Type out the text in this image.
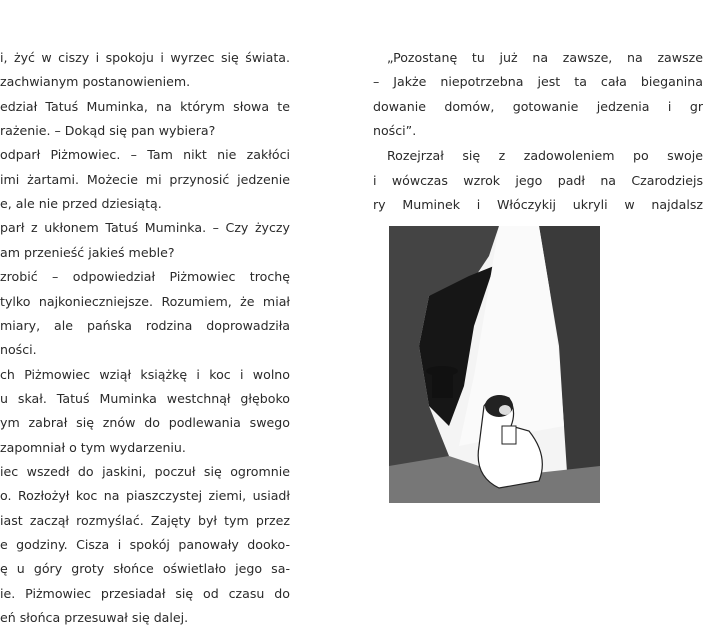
i, żyć w ciszy i spokoju i wyrzec się świata.
zachwianym postanowieniem.
edział Tatuś Muminka, na którym słowa te
rażenie. – Dokąd się pan wybiera?
odparł Piżmowiec. – Tam nikt nie zakłóci
imi żartami. Możecie mi przynosić jedzenie
e, ale nie przed dziesiątą.
parł z ukłonem Tatuś Muminka. – Czy życzy
am przenieść jakieś meble?
zrobić – odpowiedział Piżmowiec trochę
tylko najkonieczniejsze. Rozumiem, że miał
miary, ale pańska rodzina doprowadziła
ności.
ch Piżmowiec wziął książkę i koc i wolno
u skał. Tatuś Muminka westchnął głęboko
ym zabrał się znów do podlewania swego
zapomniał o tym wydarzeniu.
iec wszedł do jaskini, poczuł się ogromnie
o. Rozłożył koc na piaszczystej ziemi, usiadł
iast zaczął rozmyślać. Zajęty był tym przez
e godziny. Cisza i spokój panowały dooko-
ę u góry groty słońce oświetlało jego sa-
ie. Piżmowiec przesiadał się od czasu do
eń słońca przesuwał się dalej.
„Pozostanę tu już na zawsze, na zawsze
– Jakże niepotrzebna jest ta cała bieganina
dowanie domów, gotowanie jedzenia i gr
ności”.
Rozejrzał się z zadowoleniem po swoje
i wówczas wzrok jego padł na Czarodziejs
ry Muminek i Włóczykij ukryli w najdalsz
